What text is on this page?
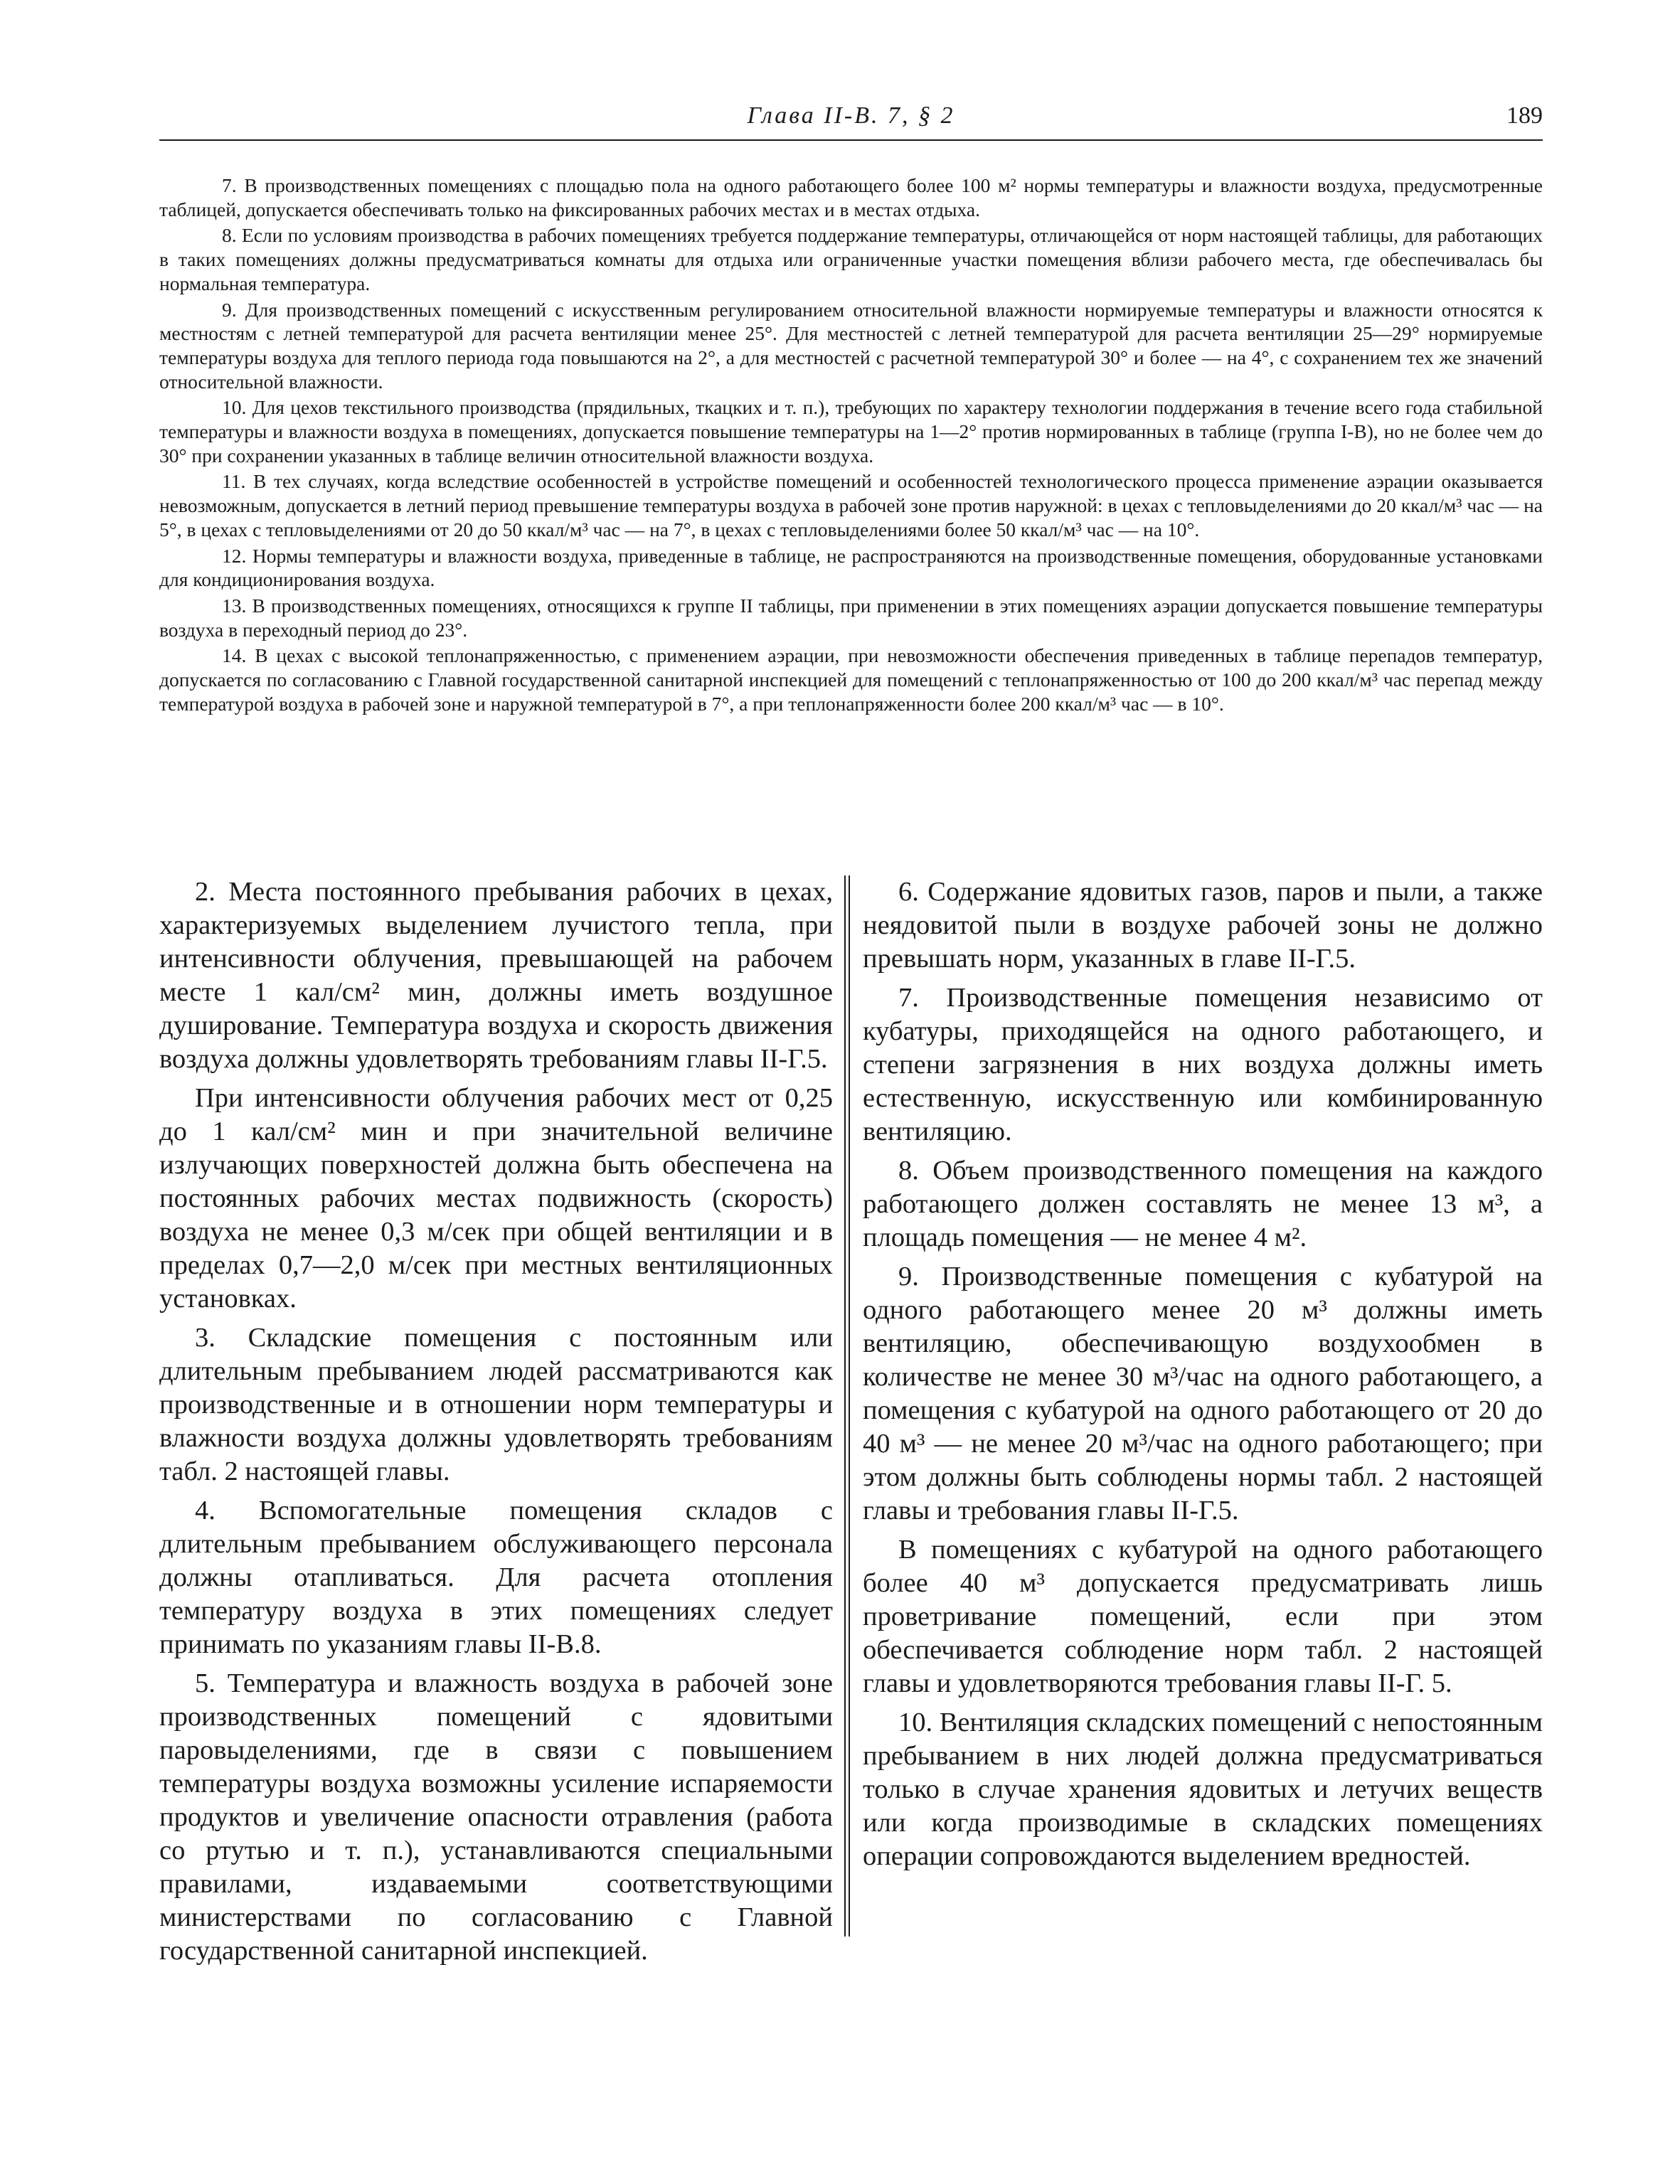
Глава II-В. 7, § 2	189

7. В производственных помещениях с площадью пола на одного работающего более 100 м² нормы температуры и влажности воздуха, предусмотренные таблицей, допускается обеспечивать только на фиксированных рабочих местах и в местах отдыха.

8. Если по условиям производства в рабочих помещениях требуется поддержание температуры, отличающейся от норм настоящей таблицы, для работающих в таких помещениях должны предусматриваться комнаты для отдыха или ограниченные участки помещения вблизи рабочего места, где обеспечивалась бы нормальная температура.

9. Для производственных помещений с искусственным регулированием относительной влажности нормируемые температуры и влажности относятся к местностям с летней температурой для расчета вентиляции менее 25°. Для местностей с летней температурой для расчета вентиляции 25—29° нормируемые температуры воздуха для теплого периода года повышаются на 2°, а для местностей с расчетной температурой 30° и более — на 4°, с сохранением тех же значений относительной влажности.

10. Для цехов текстильного производства (прядильных, ткацких и т. п.), требующих по характеру технологии поддержания в течение всего года стабильной температуры и влажности воздуха в помещениях, допускается повышение температуры на 1—2° против нормированных в таблице (группа I-В), но не более чем до 30° при сохранении указанных в таблице величин относительной влажности воздуха.

11. В тех случаях, когда вследствие особенностей в устройстве помещений и особенностей технологического процесса применение аэрации оказывается невозможным, допускается в летний период превышение температуры воздуха в рабочей зоне против наружной: в цехах с тепловыделениями до 20 ккал/м³ час — на 5°, в цехах с тепловыделениями от 20 до 50 ккал/м³ час — на 7°, в цехах с тепловыделениями более 50 ккал/м³ час — на 10°.

12. Нормы температуры и влажности воздуха, приведенные в таблице, не распространяются на производственные помещения, оборудованные установками для кондиционирования воздуха.

13. В производственных помещениях, относящихся к группе II таблицы, при применении в этих помещениях аэрации допускается повышение температуры воздуха в переходный период до 23°.

14. В цехах с высокой теплонапряженностью, с применением аэрации, при невозможности обеспечения приведенных в таблице перепадов температур, допускается по согласованию с Главной государственной санитарной инспекцией для помещений с теплонапряженностью от 100 до 200 ккал/м³ час перепад между температурой воздуха в рабочей зоне и наружной температурой в 7°, а при теплонапряженности более 200 ккал/м³ час — в 10°.

2. Места постоянного пребывания рабочих в цехах, характеризуемых выделением лучистого тепла, при интенсивности облучения, превышающей на рабочем месте 1 кал/см² мин, должны иметь воздушное душирование. Температура воздуха и скорость движения воздуха должны удовлетворять требованиям главы II-Г.5.

При интенсивности облучения рабочих мест от 0,25 до 1 кал/см² мин и при значительной величине излучающих поверхностей должна быть обеспечена на постоянных рабочих местах подвижность (скорость) воздуха не менее 0,3 м/сек при общей вентиляции и в пределах 0,7—2,0 м/сек при местных вентиляционных установках.

3. Складские помещения с постоянным или длительным пребыванием людей рассматриваются как производственные и в отношении норм температуры и влажности воздуха должны удовлетворять требованиям табл. 2 настоящей главы.

4. Вспомогательные помещения складов с длительным пребыванием обслуживающего персонала должны отапливаться. Для расчета отопления температуру воздуха в этих помещениях следует принимать по указаниям главы II-В.8.

5. Температура и влажность воздуха в рабочей зоне производственных помещений с ядовитыми паровыделениями, где в связи с повышением температуры воздуха возможны усиление испаряемости продуктов и увеличение опасности отравления (работа со ртутью и т. п.), устанавливаются специальными правилами, издаваемыми соответствующими министерствами по согласованию с Главной государственной санитарной инспекцией.

6. Содержание ядовитых газов, паров и пыли, а также неядовитой пыли в воздухе рабочей зоны не должно превышать норм, указанных в главе II-Г.5.

7. Производственные помещения независимо от кубатуры, приходящейся на одного работающего, и степени загрязнения в них воздуха должны иметь естественную, искусственную или комбинированную вентиляцию.

8. Объем производственного помещения на каждого работающего должен составлять не менее 13 м³, а площадь помещения — не менее 4 м².

9. Производственные помещения с кубатурой на одного работающего менее 20 м³ должны иметь вентиляцию, обеспечивающую воздухообмен в количестве не менее 30 м³/час на одного работающего, а помещения с кубатурой на одного работающего от 20 до 40 м³ — не менее 20 м³/час на одного работающего; при этом должны быть соблюдены нормы табл. 2 настоящей главы и требования главы II-Г.5.

В помещениях с кубатурой на одного работающего более 40 м³ допускается предусматривать лишь проветривание помещений, если при этом обеспечивается соблюдение норм табл. 2 настоящей главы и удовлетворяются требования главы II-Г. 5.

10. Вентиляция складских помещений с непостоянным пребыванием в них людей должна предусматриваться только в случае хранения ядовитых и летучих веществ или когда производимые в складских помещениях операции сопровождаются выделением вредностей.
